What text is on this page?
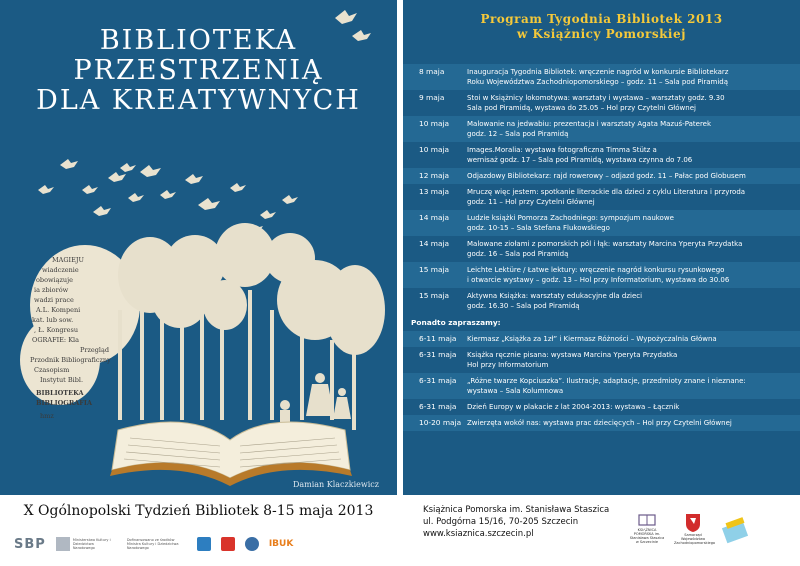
MAGIEJU
wiadczenie
obowiązuje
ia zbiorów
wadzi prace
A.L. Kompeni
kat. lub sow.
, Ł. Kongresu
OGRAFIE: Kla
Przegląd
Przodnik Bibliograficzny
Czasopism
Instytut Bibl.
BIBLIOTEKA
BIBLIOGRAFIA
hmz
BIBLIOTEKA
PRZESTRZENIĄ
DLA KREATYWNYCH
Damian Klaczkiewicz
X Ogólnopolski Tydzień Bibliotek 8-15 maja 2013
SBP	Ministerstwo Kultury i Dziedzictwa Narodowego
Dofinansowano ze środków Ministra Kultury i Dziedzictwa Narodowego	IBUK
Program Tygodnia Bibliotek 2013
w Książnicy Pomorskiej
8 maja	Inauguracja Tygodnia Bibliotek: wręczenie nagród w konkursie Bibliotekarz
Roku Województwa Zachodniopomorskiego – godz. 11 – Sala pod Piramidą
9 maja	Stoi w Książnicy lokomotywa: warsztaty i wystawa – warsztaty godz. 9.30
Sala pod Piramidą, wystawa do 25.05 – Hol przy Czytelni Głównej
10 maja	Malowanie na jedwabiu: prezentacja i warsztaty Agata Mazuś-Paterek
godz. 12 – Sala pod Piramidą
10 maja	Images.Moralia: wystawa fotograficzna Timma Stütz a
wernisaż godz. 17 – Sala pod Piramidą, wystawa czynna do 7.06
12 maja	Odjazdowy Bibliotekarz: rajd rowerowy – odjazd godz. 11 – Pałac pod Globusem
13 maja	Mruczę więc jestem: spotkanie literackie dla dzieci z cyklu Literatura i przyroda
godz. 11 – Hol przy Czytelni Głównej
14 maja	Ludzie książki Pomorza Zachodniego: sympozjum naukowe
godz. 10-15 – Sala Stefana Flukowskiego
14 maja	Malowane ziołami z pomorskich pól i łąk: warsztaty Marcina Yperyta Przydatka
godz. 16 – Sala pod Piramidą
15 maja	Leichte Lektüre / Łatwe lektury: wręczenie nagród konkursu rysunkowego
i otwarcie wystawy – godz. 13 – Hol przy Informatorium, wystawa do 30.06
15 maja	Aktywna Książka: warsztaty edukacyjne dla dzieci
godz. 16.30 – Sala pod Piramidą
Ponadto zapraszamy:
6-11 maja	Kiermasz „Książka za 1zł” i Kiermasz Różności – Wypożyczalnia Główna
6-31 maja	Książka ręcznie pisana: wystawa Marcina Yperyta Przydatka
Hol przy Informatorium
6-31 maja	„Różne twarze Kopciuszka”. Ilustracje, adaptacje, przedmioty znane i nieznane:
wystawa – Sala Kolumnowa
6-31 maja	Dzień Europy w plakacie z lat 2004-2013: wystawa – Łącznik
10-20 maja Zwierzęta wokół nas: wystawa prac dziecięcych – Hol przy Czytelni Głównej
Książnica Pomorska im. Stanisława Staszica
ul. Podgórna 15/16, 70-205 Szczecin
www.ksiaznica.szczecin.pl	KSIĄŻNICA POMORSKA im. Stanisława Staszica w Szczecinie
Samorząd Województwa Zachodniopomorskiego
